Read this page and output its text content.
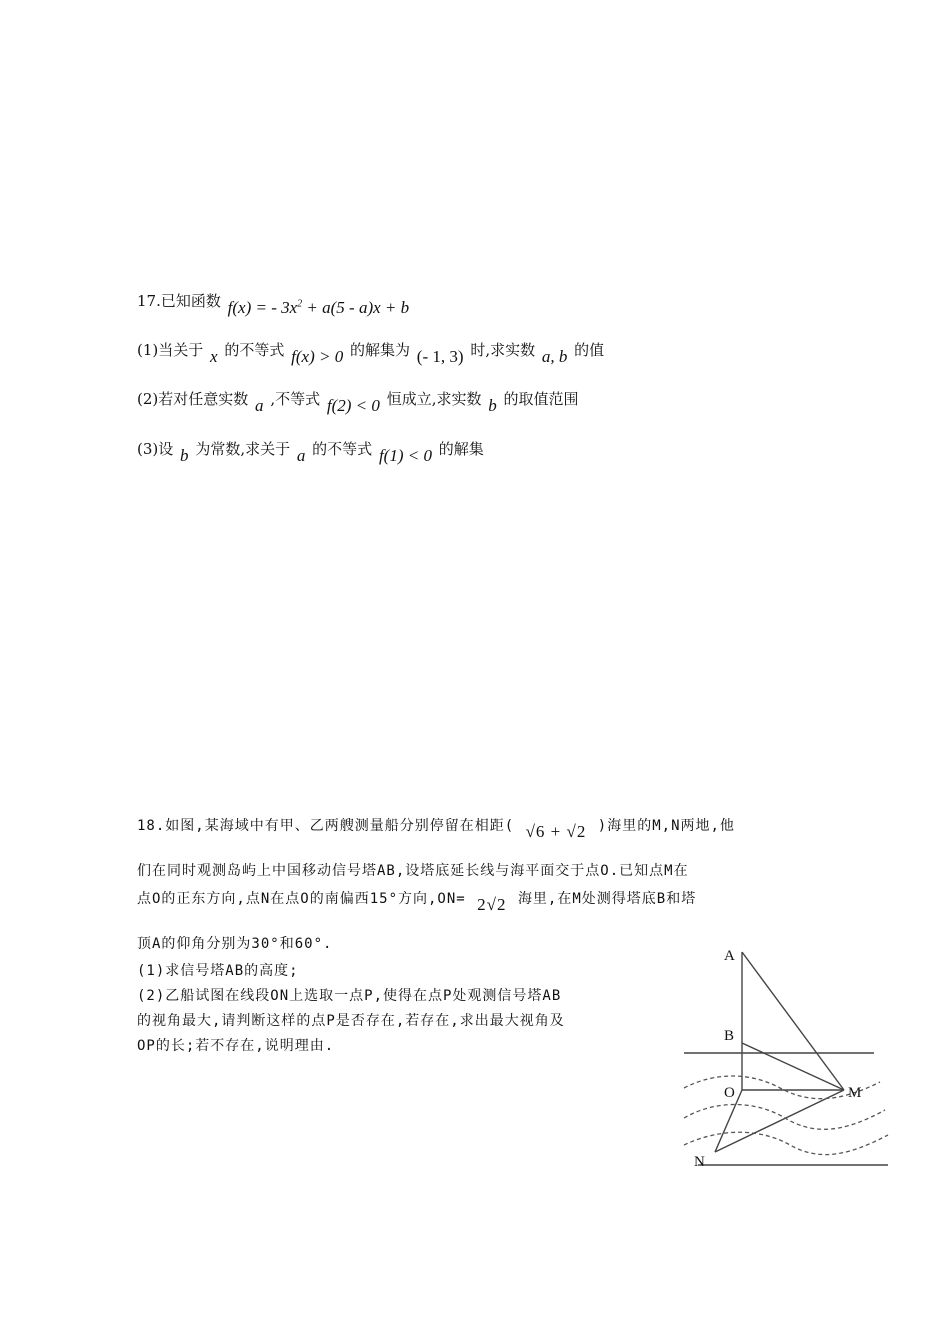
17.已知函数 f(x) = - $3x^2 + a(5 - a)x + b$
(1)当关于 x 的不等式 f(x) > 0 的解集为 (- 1, 3) 时,求实数 a, b 的值
(2)若对任意实数 a ,不等式 f(2) < 0 恒成立,求实数 b 的取值范围
(3)设 b 为常数,求关于 a 的不等式 f(1) < 0 的解集
18.如图,某海域中有甲、乙两艘测量船分别停留在相距( √6 + √2 )海里的M,N两地,他
们在同时观测岛屿上中国移动信号塔AB,设塔底延长线与海平面交于点O.已知点M在
点O的正东方向,点N在点O的南偏西15°方向,ON= 2√2 海里,在M处测得塔底B和塔
顶A的仰角分别为30°和60°.
(1)求信号塔AB的高度;
(2)乙船试图在线段ON上选取一点P,使得在点P处观测信号塔AB
的视角最大,请判断这样的点P是否存在,若存在,求出最大视角及
OP的长;若不存在,说明理由.
A
B
O	M
N
